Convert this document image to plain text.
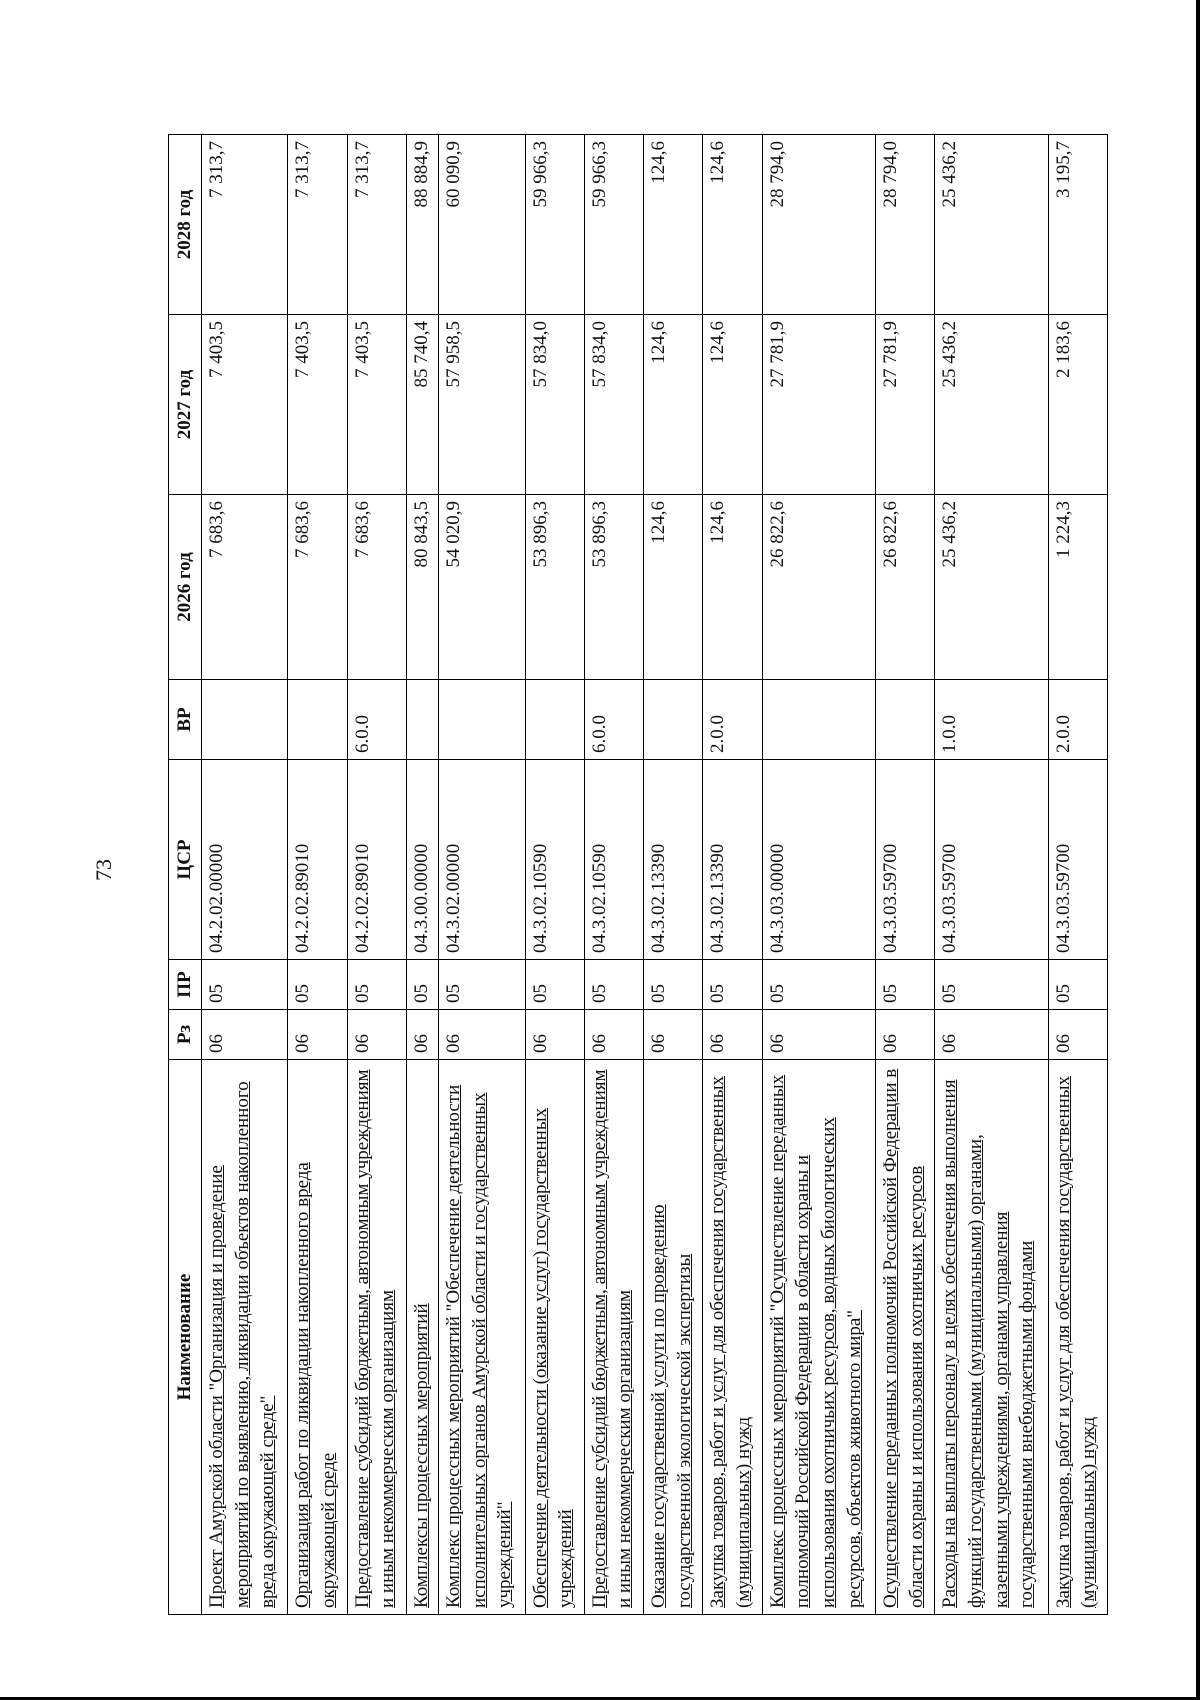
73
Наименование	Рз	ПР	ЦСР	ВР	2026 год	2027 год	2028 год
Проект Амурской области "Организация и проведение мероприятий по выявлению, ликвидации объектов накопленного вреда окружающей среде"	06	05	04.2.02.00000		7 683,6	7 403,5	7 313,7
Организация работ по ликвидации накопленного вреда окружающей среде	06	05	04.2.02.89010		7 683,6	7 403,5	7 313,7
Предоставление субсидий бюджетным, автономным учреждениям и иным некоммерческим организациям	06	05	04.2.02.89010	6.0.0	7 683,6	7 403,5	7 313,7
Комплексы процессных мероприятий	06	05	04.3.00.00000		80 843,5	85 740,4	88 884,9
Комплекс процессных мероприятий "Обеспечение деятельности исполнительных органов Амурской области и государственных учреждений"	06	05	04.3.02.00000		54 020,9	57 958,5	60 090,9
Обеспечение деятельности (оказание услуг) государственных учреждений	06	05	04.3.02.10590		53 896,3	57 834,0	59 966,3
Предоставление субсидий бюджетным, автономным учреждениям и иным некоммерческим организациям	06	05	04.3.02.10590	6.0.0	53 896,3	57 834,0	59 966,3
Оказание государственной услуги по проведению государственной экологической экспертизы	06	05	04.3.02.13390		124,6	124,6	124,6
Закупка товаров, работ и услуг для обеспечения государственных (муниципальных) нужд	06	05	04.3.02.13390	2.0.0	124,6	124,6	124,6
Комплекс процессных мероприятий "Осуществление переданных полномочий Российской Федерации в области охраны и использования охотничьих ресурсов, водных биологических ресурсов, объектов животного мира"	06	05	04.3.03.00000		26 822,6	27 781,9	28 794,0
Осуществление переданных полномочий Российской Федерации в области охраны и использования охотничьих ресурсов	06	05	04.3.03.59700		26 822,6	27 781,9	28 794,0
Расходы на выплаты персоналу в целях обеспечения выполнения функций государственными (муниципальными) органами, казенными учреждениями, органами управления государственными внебюджетными фондами	06	05	04.3.03.59700	1.0.0	25 436,2	25 436,2	25 436,2
Закупка товаров, работ и услуг для обеспечения государственных (муниципальных) нужд	06	05	04.3.03.59700	2.0.0	1 224,3	2 183,6	3 195,7
